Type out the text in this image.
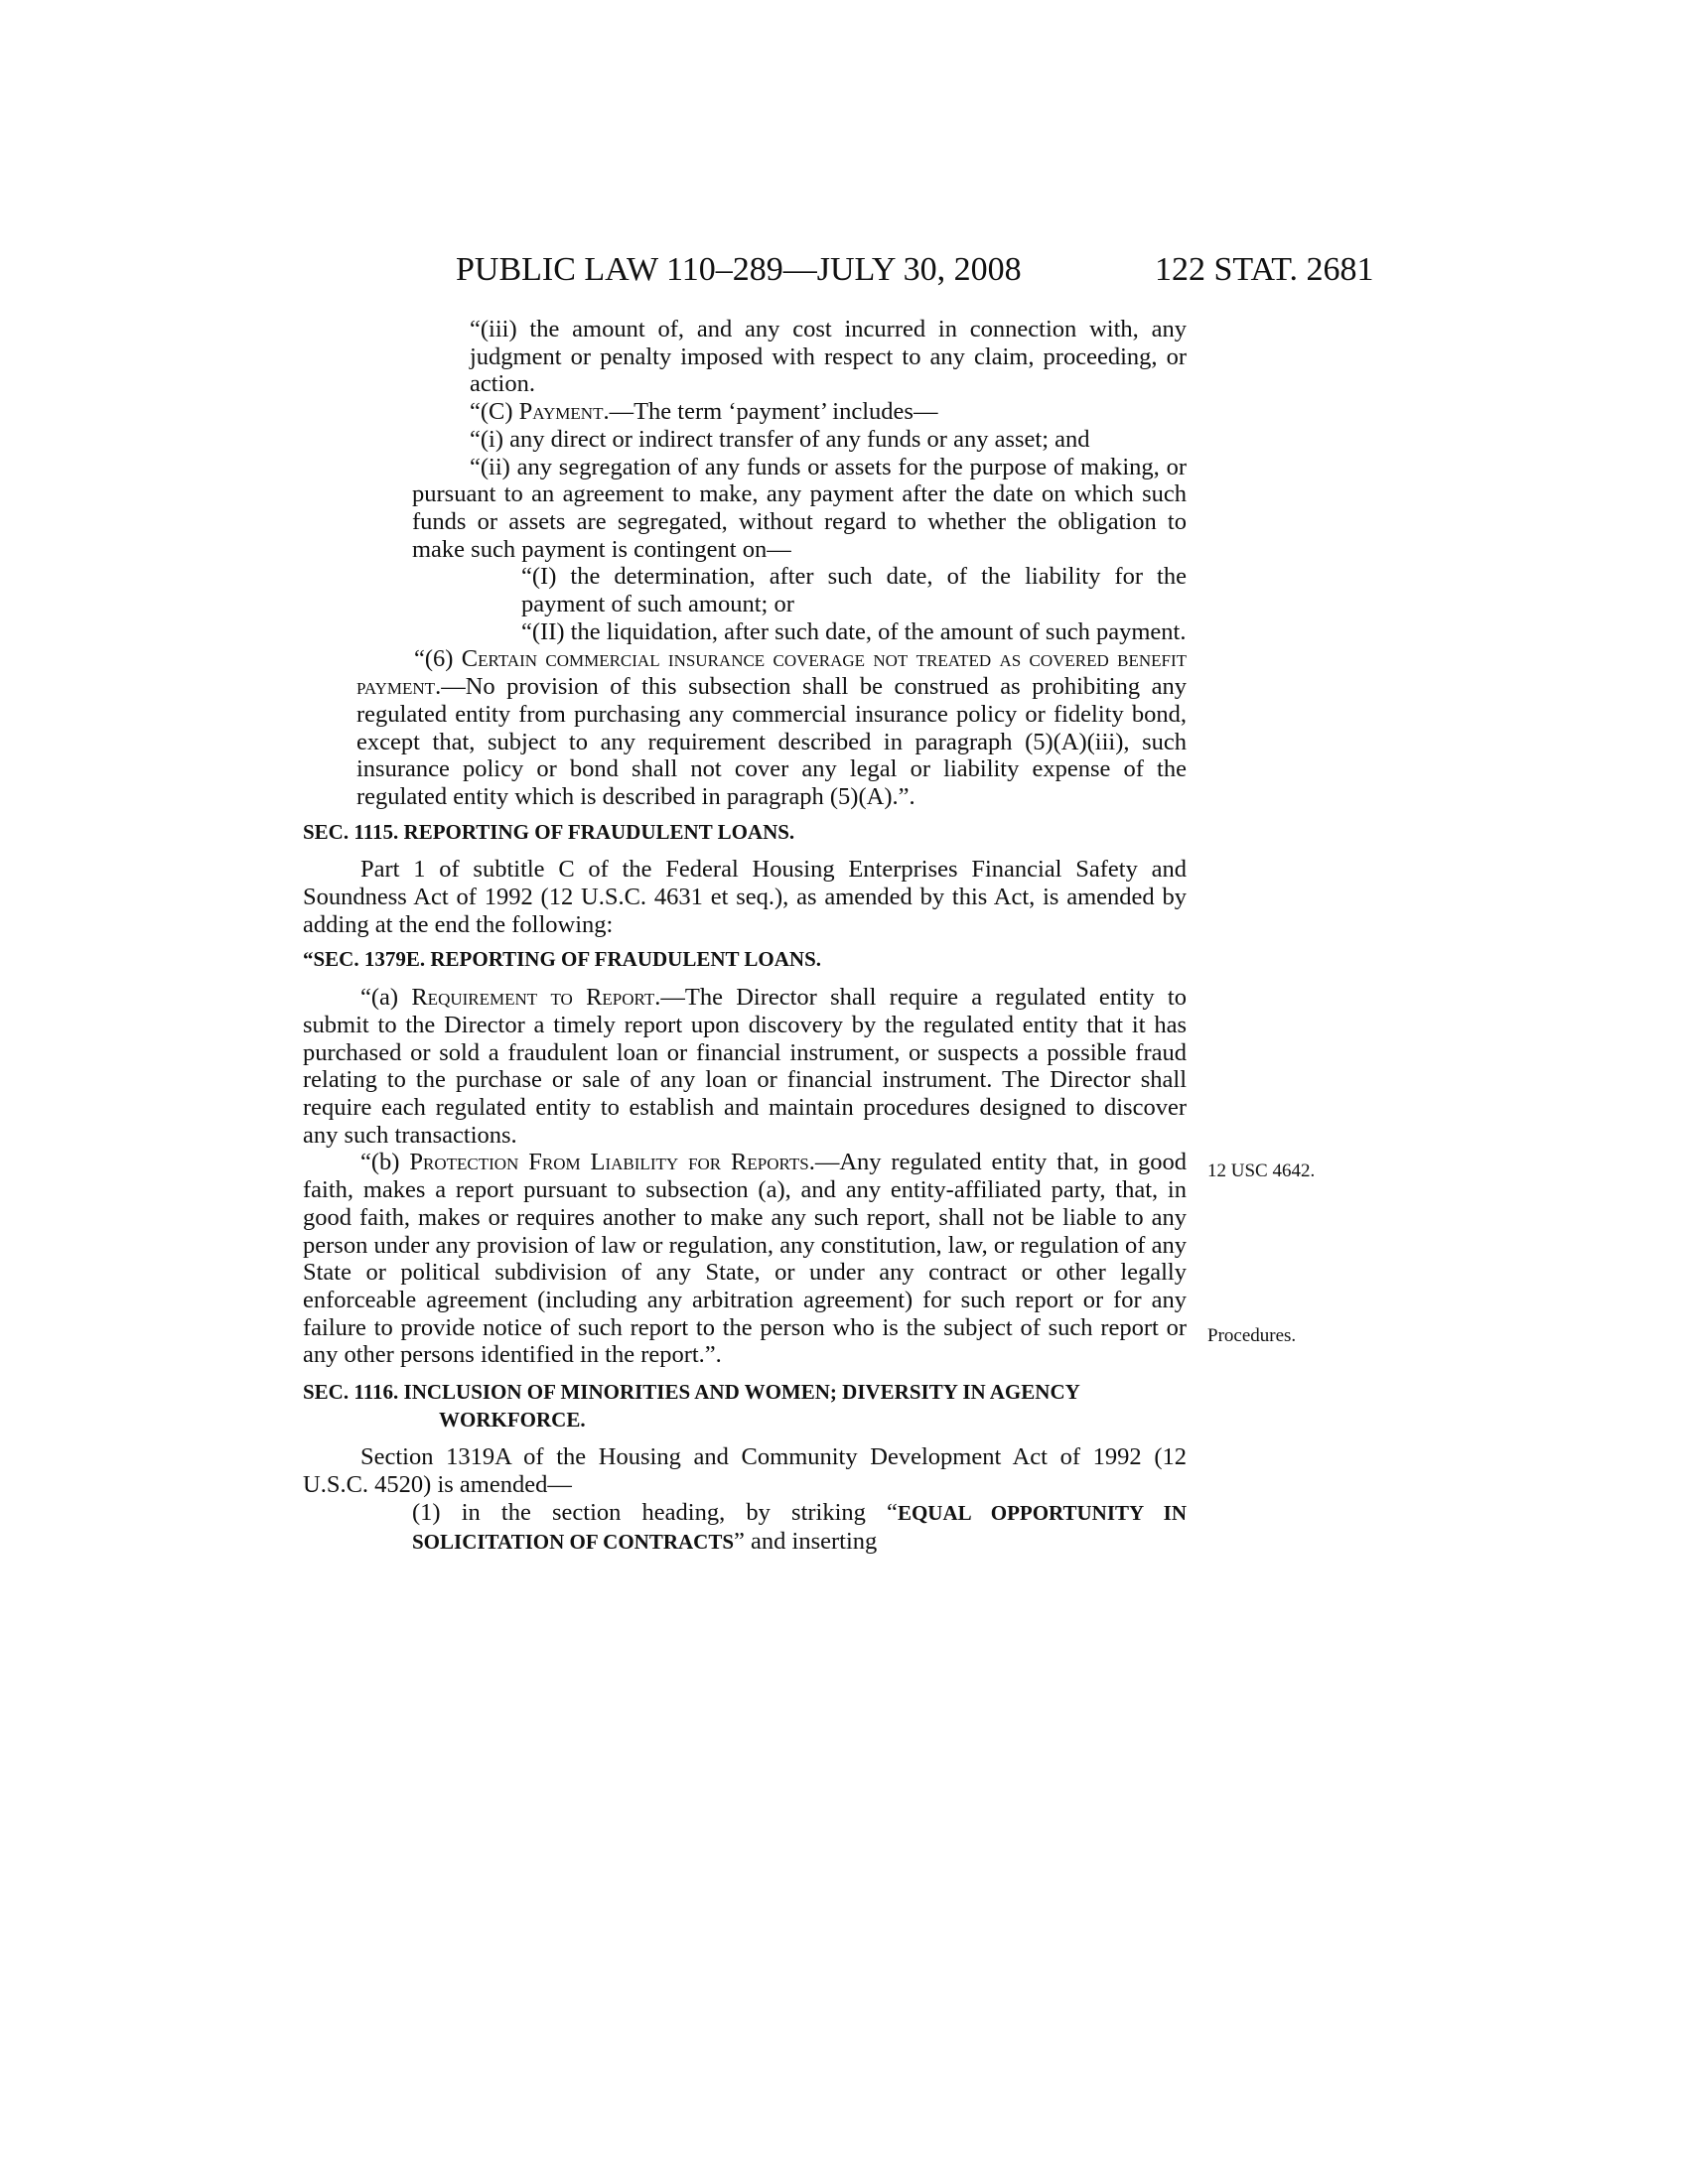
PUBLIC LAW 110–289—JULY 30, 2008	122 STAT. 2681

“(iii) the amount of, and any cost incurred in connection with, any judgment or penalty imposed with respect to any claim, proceeding, or action.

“(C) Payment.—The term ‘payment’ includes—

“(i) any direct or indirect transfer of any funds or any asset; and

“(ii) any segregation of any funds or assets for the purpose of making, or pursuant to an agreement to make, any payment after the date on which such funds or assets are segregated, without regard to whether the obligation to make such payment is contingent on—

“(I) the determination, after such date, of the liability for the payment of such amount; or

“(II) the liquidation, after such date, of the amount of such payment.

“(6) Certain commercial insurance coverage not treated as covered benefit payment.—No provision of this subsection shall be construed as prohibiting any regulated entity from purchasing any commercial insurance policy or fidelity bond, except that, subject to any requirement described in paragraph (5)(A)(iii), such insurance policy or bond shall not cover any legal or liability expense of the regulated entity which is described in paragraph (5)(A).”.

SEC. 1115. REPORTING OF FRAUDULENT LOANS.

Part 1 of subtitle C of the Federal Housing Enterprises Financial Safety and Soundness Act of 1992 (12 U.S.C. 4631 et seq.), as amended by this Act, is amended by adding at the end the following:

“SEC. 1379E. REPORTING OF FRAUDULENT LOANS.

“(a) Requirement to Report.—The Director shall require a regulated entity to submit to the Director a timely report upon discovery by the regulated entity that it has purchased or sold a fraudulent loan or financial instrument, or suspects a possible fraud relating to the purchase or sale of any loan or financial instrument. The Director shall require each regulated entity to establish and maintain procedures designed to discover any such transactions.

“(b) Protection From Liability for Reports.—Any regulated entity that, in good faith, makes a report pursuant to subsection (a), and any entity-affiliated party, that, in good faith, makes or requires another to make any such report, shall not be liable to any person under any provision of law or regulation, any constitution, law, or regulation of any State or political subdivision of any State, or under any contract or other legally enforceable agreement (including any arbitration agreement) for such report or for any failure to provide notice of such report to the person who is the subject of such report or any other persons identified in the report.”.

SEC. 1116. INCLUSION OF MINORITIES AND WOMEN; DIVERSITY IN AGENCY WORKFORCE.

Section 1319A of the Housing and Community Development Act of 1992 (12 U.S.C. 4520) is amended—

(1) in the section heading, by striking “EQUAL OPPORTUNITY IN SOLICITATION OF CONTRACTS” and inserting

12 USC 4642.
Procedures.
